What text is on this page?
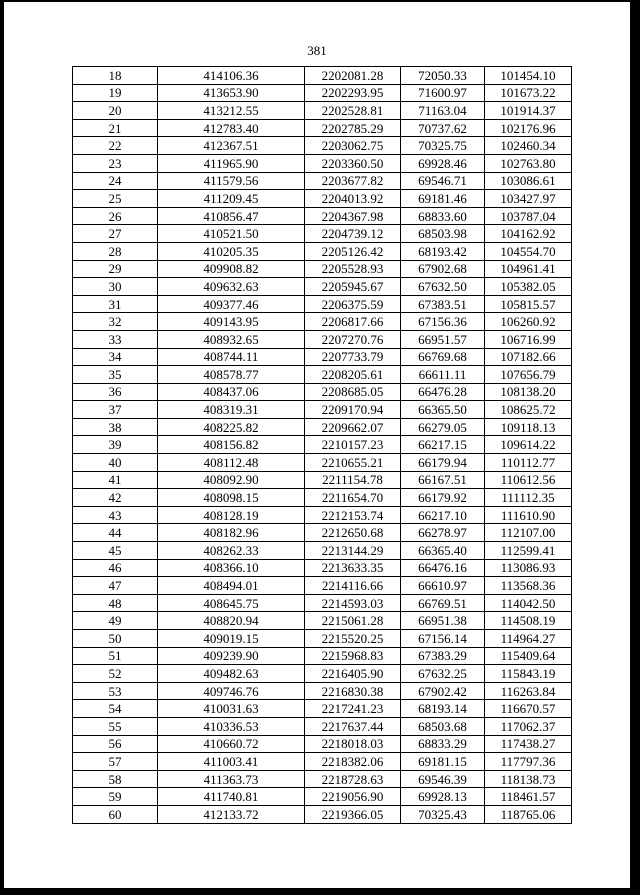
381
18	414106.36	2202081.28	72050.33	101454.10
19	413653.90	2202293.95	71600.97	101673.22
20	413212.55	2202528.81	71163.04	101914.37
21	412783.40	2202785.29	70737.62	102176.96
22	412367.51	2203062.75	70325.75	102460.34
23	411965.90	2203360.50	69928.46	102763.80
24	411579.56	2203677.82	69546.71	103086.61
25	411209.45	2204013.92	69181.46	103427.97
26	410856.47	2204367.98	68833.60	103787.04
27	410521.50	2204739.12	68503.98	104162.92
28	410205.35	2205126.42	68193.42	104554.70
29	409908.82	2205528.93	67902.68	104961.41
30	409632.63	2205945.67	67632.50	105382.05
31	409377.46	2206375.59	67383.51	105815.57
32	409143.95	2206817.66	67156.36	106260.92
33	408932.65	2207270.76	66951.57	106716.99
34	408744.11	2207733.79	66769.68	107182.66
35	408578.77	2208205.61	66611.11	107656.79
36	408437.06	2208685.05	66476.28	108138.20
37	408319.31	2209170.94	66365.50	108625.72
38	408225.82	2209662.07	66279.05	109118.13
39	408156.82	2210157.23	66217.15	109614.22
40	408112.48	2210655.21	66179.94	110112.77
41	408092.90	2211154.78	66167.51	110612.56
42	408098.15	2211654.70	66179.92	111112.35
43	408128.19	2212153.74	66217.10	111610.90
44	408182.96	2212650.68	66278.97	112107.00
45	408262.33	2213144.29	66365.40	112599.41
46	408366.10	2213633.35	66476.16	113086.93
47	408494.01	2214116.66	66610.97	113568.36
48	408645.75	2214593.03	66769.51	114042.50
49	408820.94	2215061.28	66951.38	114508.19
50	409019.15	2215520.25	67156.14	114964.27
51	409239.90	2215968.83	67383.29	115409.64
52	409482.63	2216405.90	67632.25	115843.19
53	409746.76	2216830.38	67902.42	116263.84
54	410031.63	2217241.23	68193.14	116670.57
55	410336.53	2217637.44	68503.68	117062.37
56	410660.72	2218018.03	68833.29	117438.27
57	411003.41	2218382.06	69181.15	117797.36
58	411363.73	2218728.63	69546.39	118138.73
59	411740.81	2219056.90	69928.13	118461.57
60	412133.72	2219366.05	70325.43	118765.06
